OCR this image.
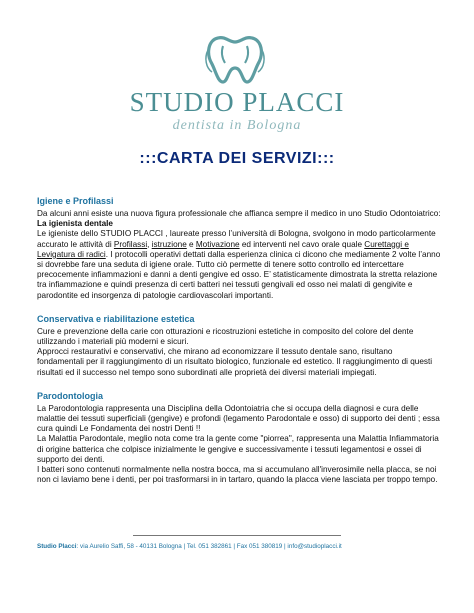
STUDIO PLACCI
dentista in Bologna
:::CARTA DEI SERVIZI:::
Igiene e Profilassi

Da alcuni anni esiste una nuova figura professionale che affianca sempre il medico in uno Studio Odontoiatrico: La igienista dentale

Le igieniste dello STUDIO PLACCI , laureate presso l’università di Bologna, svolgono in modo particolarmente accurato le attività di Profilassi, istruzione e Motivazione ed interventi nel cavo orale quale Curettaggi e Levigatura di radici. I protocolli operativi dettati dalla esperienza clinica ci dicono che mediamente 2 volte l’anno si dovrebbe fare una seduta di igiene orale. Tutto ciò permette di tenere sotto controllo ed intercettare precocemente infiammazioni e danni a denti gengive ed osso. E’ statisticamente dimostrata la stretta relazione tra infiammazione e quindi presenza di certi batteri nei tessuti gengivali ed osso nei malati di gengivite e parodontite ed insorgenza di patologie cardiovascolari importanti.

Conservativa e riabilitazione estetica

Cure e prevenzione della carie con otturazioni e ricostruzioni estetiche in composito del colore del dente utilizzando i materiali più moderni e sicuri.
Approcci restaurativi e conservativi, che mirano ad economizzare il tessuto dentale sano, risultano fondamentali per il raggiungimento di un risultato biologico, funzionale ed estetico. Il raggiungimento di questi risultati ed il successo nel tempo sono subordinati alle proprietà dei diversi materiali impiegati.

Parodontologia

La Parodontologia rappresenta una Disciplina della Odontoiatria che si occupa della diagnosi e cura delle malattie dei tessuti superficiali (gengive) e profondi (legamento Parodontale e osso) di supporto dei denti ; essa cura quindi Le Fondamenta dei nostri Denti !!
La Malattia Parodontale, meglio nota come tra la gente come "piorrea", rappresenta una Malattia Infiammatoria di origine batterica che colpisce inizialmente le gengive e successivamente i tessuti legamentosi e ossei di supporto dei denti.
I batteri sono contenuti normalmente nella nostra bocca, ma si accumulano all'inverosimile nella placca, se noi non ci laviamo bene i denti, per poi trasformarsi in in tartaro, quando la placca viene lasciata per troppo tempo.

Studio Placci: via Aurelio Saffi, 58 - 40131 Bologna | Tel. 051 382861 | Fax 051 380819 | info@studioplacci.it
